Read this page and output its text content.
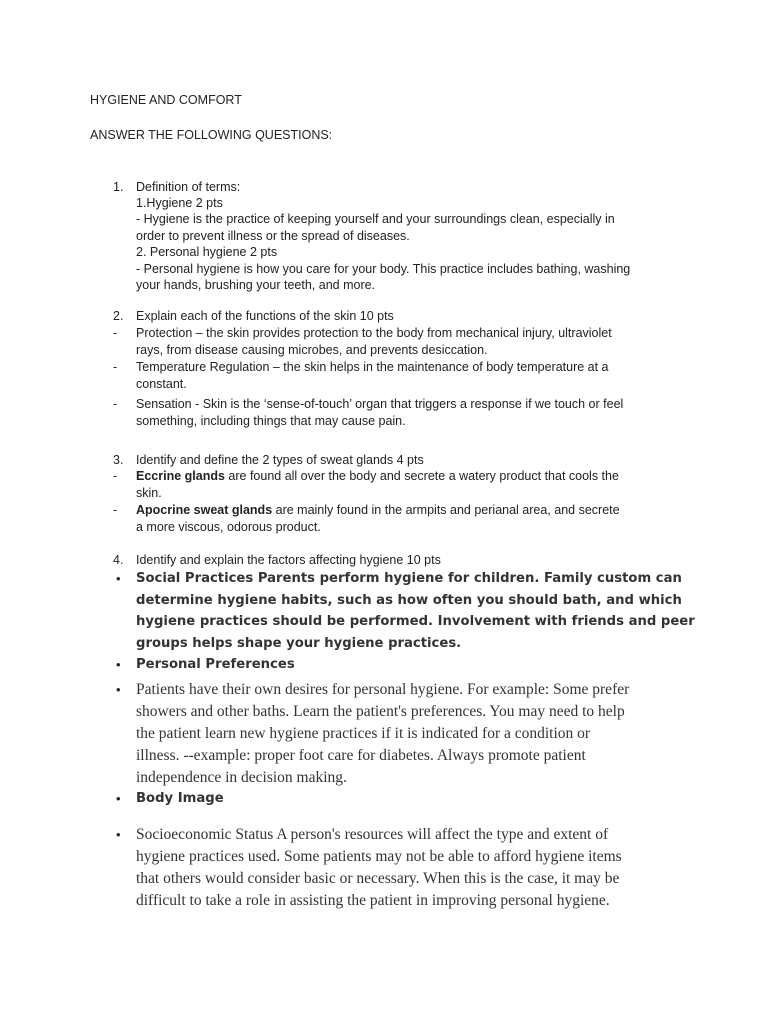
HYGIENE AND COMFORT
ANSWER THE FOLLOWING QUESTIONS:
1. Definition of terms:
1.Hygiene 2 pts
- Hygiene is the practice of keeping yourself and your surroundings clean, especially in
order to prevent illness or the spread of diseases.
2. Personal hygiene 2 pts
- Personal hygiene is how you care for your body. This practice includes bathing, washing
your hands, brushing your teeth, and more.
2. Explain each of the functions of the skin 10 pts
- Protection – the skin provides protection to the body from mechanical injury, ultraviolet
rays, from disease causing microbes, and prevents desiccation.
- Temperature Regulation – the skin helps in the maintenance of body temperature at a
constant.
- Sensation - Skin is the ‘sense-of-touch’ organ that triggers a response if we touch or feel
something, including things that may cause pain.
3. Identify and define the 2 types of sweat glands 4 pts
- Eccrine glands are found all over the body and secrete a watery product that cools the
skin.
- Apocrine sweat glands are mainly found in the armpits and perianal area, and secrete
a more viscous, odorous product.
4. Identify and explain the factors affecting hygiene 10 pts
• Social Practices Parents perform hygiene for children. Family custom can
determine hygiene habits, such as how often you should bath, and which
hygiene practices should be performed. Involvement with friends and peer
groups helps shape your hygiene practices.
• Personal Preferences
• Patients have their own desires for personal hygiene. For example: Some prefer
showers and other baths. Learn the patient's preferences. You may need to help
the patient learn new hygiene practices if it is indicated for a condition or
illness. --example: proper foot care for diabetes. Always promote patient
independence in decision making.
• Body Image
• Socioeconomic Status A person's resources will affect the type and extent of
hygiene practices used. Some patients may not be able to afford hygiene items
that others would consider basic or necessary. When this is the case, it may be
difficult to take a role in assisting the patient in improving personal hygiene.
